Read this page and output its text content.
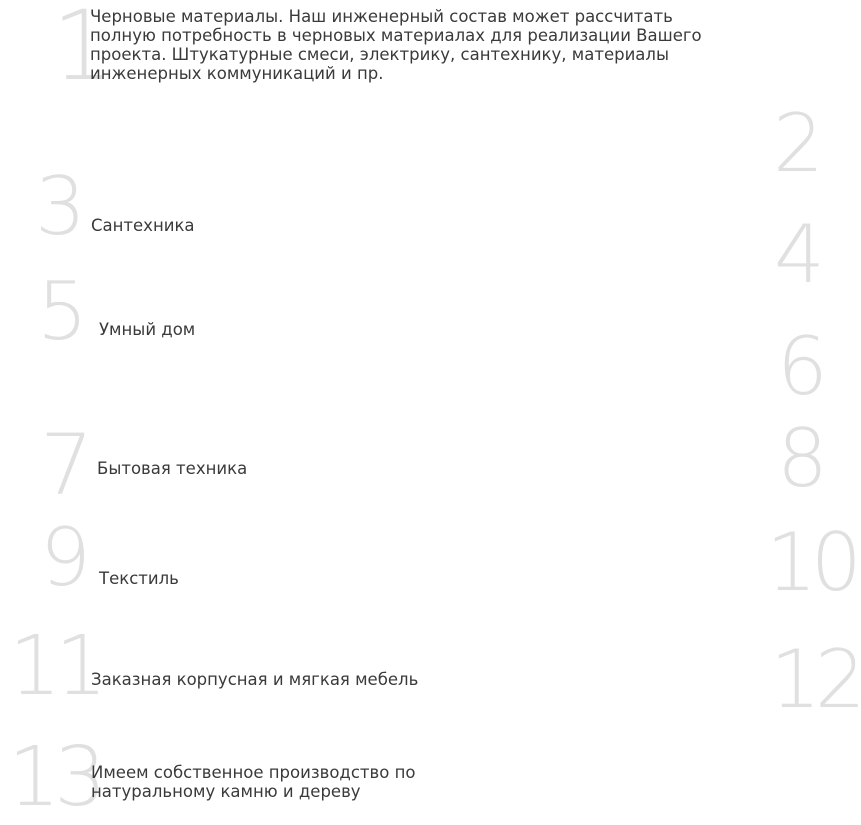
1
Черновые материалы. Наш инженерный состав может рассчитать
полную потребность в черновых материалах для реализации Вашего
проекта. Штукатурные смеси, электрику, сантехнику, материалы
инженерных коммуникаций и пр.
2
3 Сантехника	4
5 Умный дом	6
7 Бытовая техника	8
9 Текстиль	10
11
Заказная корпусная и мягкая мебель	12
13
Имеем собственное производство по
натуральному камню и дереву
